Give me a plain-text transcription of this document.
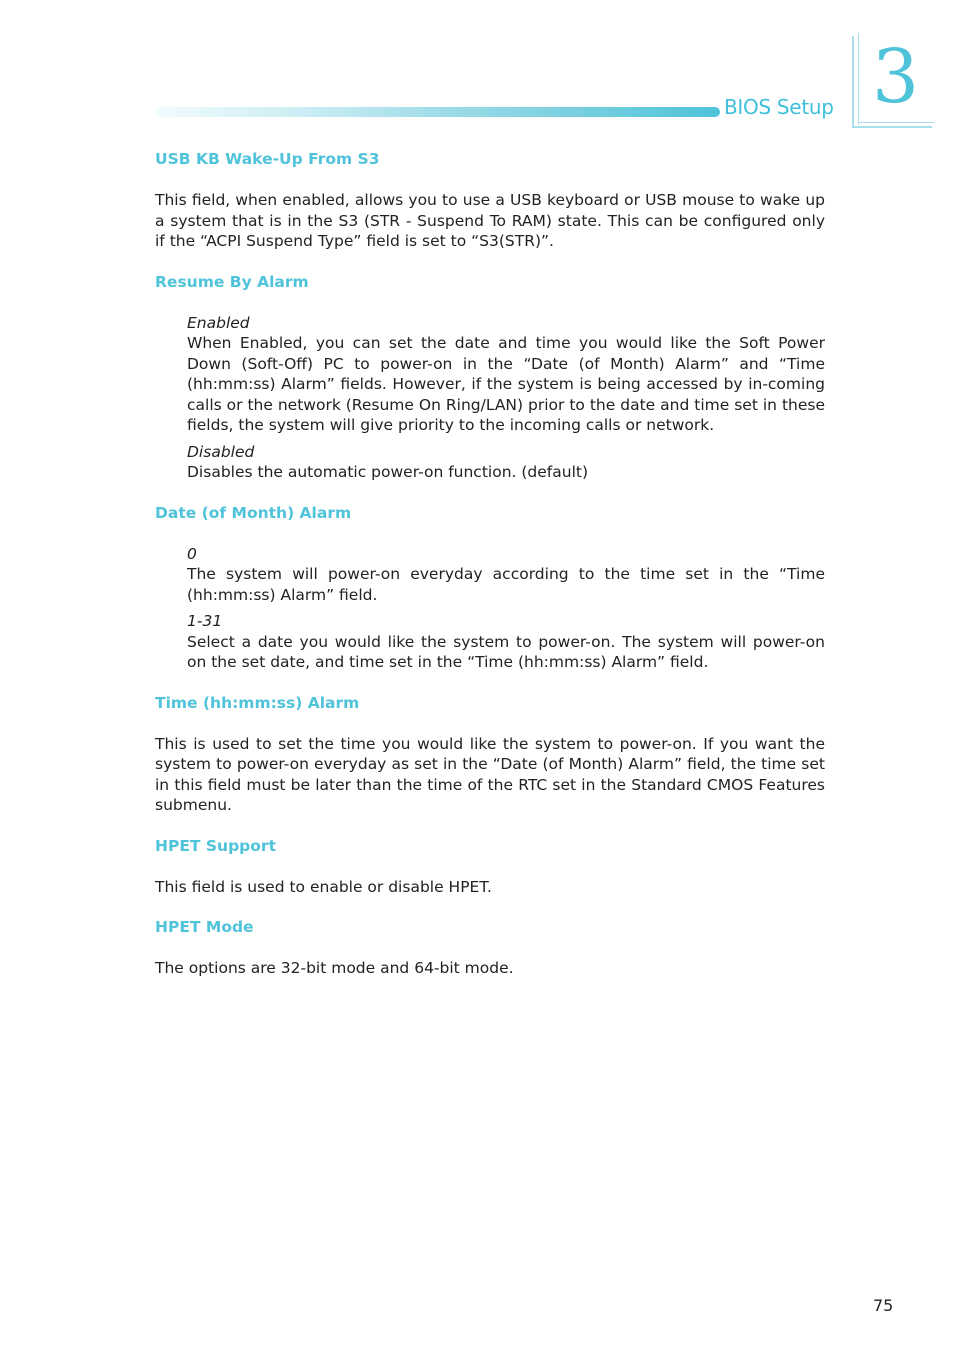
BIOS Setup 3
USB KB Wake-Up From S3

This field, when enabled, allows you to use a USB keyboard or USB mouse to wake up a system that is in the S3 (STR - Suspend To RAM) state. This can be configured only if the “ACPI Suspend Type” field is set to “S3(STR)”.

Resume By Alarm

Enabled

When Enabled, you can set the date and time you would like the Soft Power Down (Soft-Off) PC to power-on in the “Date (of Month) Alarm” and “Time (hh:mm:ss) Alarm” fields. However, if the system is being accessed by in-coming calls or the network (Resume On Ring/LAN) prior to the date and time set in these fields, the system will give priority to the incoming calls or network.

Disabled

Disables the automatic power-on function. (default)

Date (of Month) Alarm

0

The system will power-on everyday according to the time set in the “Time (hh:mm:ss) Alarm” field.

1-31

Select a date you would like the system to power-on. The system will power-on on the set date, and time set in the “Time (hh:mm:ss) Alarm” field.

Time (hh:mm:ss) Alarm

This is used to set the time you would like the system to power-on. If you want the system to power-on everyday as set in the “Date (of Month) Alarm” field, the time set in this field must be later than the time of the RTC set in the Standard CMOS Features submenu.

HPET Support

This field is used to enable or disable HPET.

HPET Mode

The options are 32-bit mode and 64-bit mode.

75
